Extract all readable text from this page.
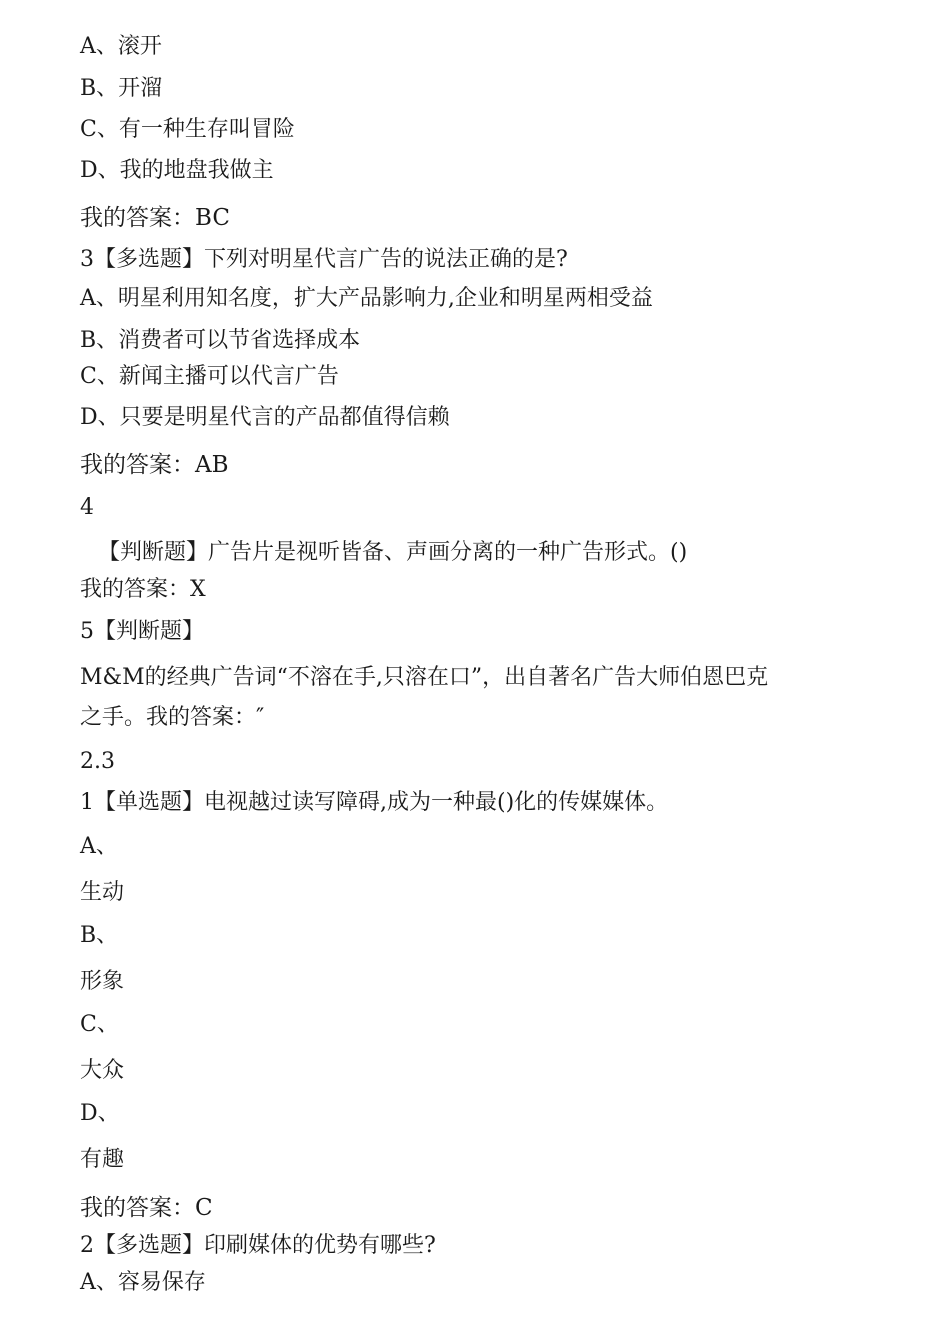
A、滚开
B、开溜
C、有一种生存叫冒险
D、我的地盘我做主
我的答案：BC
3【多选题】下列对明星代言广告的说法正确的是?
A、明星利用知名度，扩大产品影响力,企业和明星两相受益
B、消费者可以节省选择成本
C、新闻主播可以代言广告
D、只要是明星代言的产品都值得信赖
我的答案：AB
4
【判断题】广告片是视听皆备、声画分离的一种广告形式。()
我的答案：X
5【判断题】
M&M的经典广告词“不溶在手,只溶在口”，出自著名广告大师伯恩巴克
之手。我的答案：″
2.3
1【单选题】电视越过读写障碍,成为一种最()化的传媒媒体。
A、
生动
B、
形象
C、
大众
D、
有趣
我的答案：C
2【多选题】印刷媒体的优势有哪些?
A、容易保存
